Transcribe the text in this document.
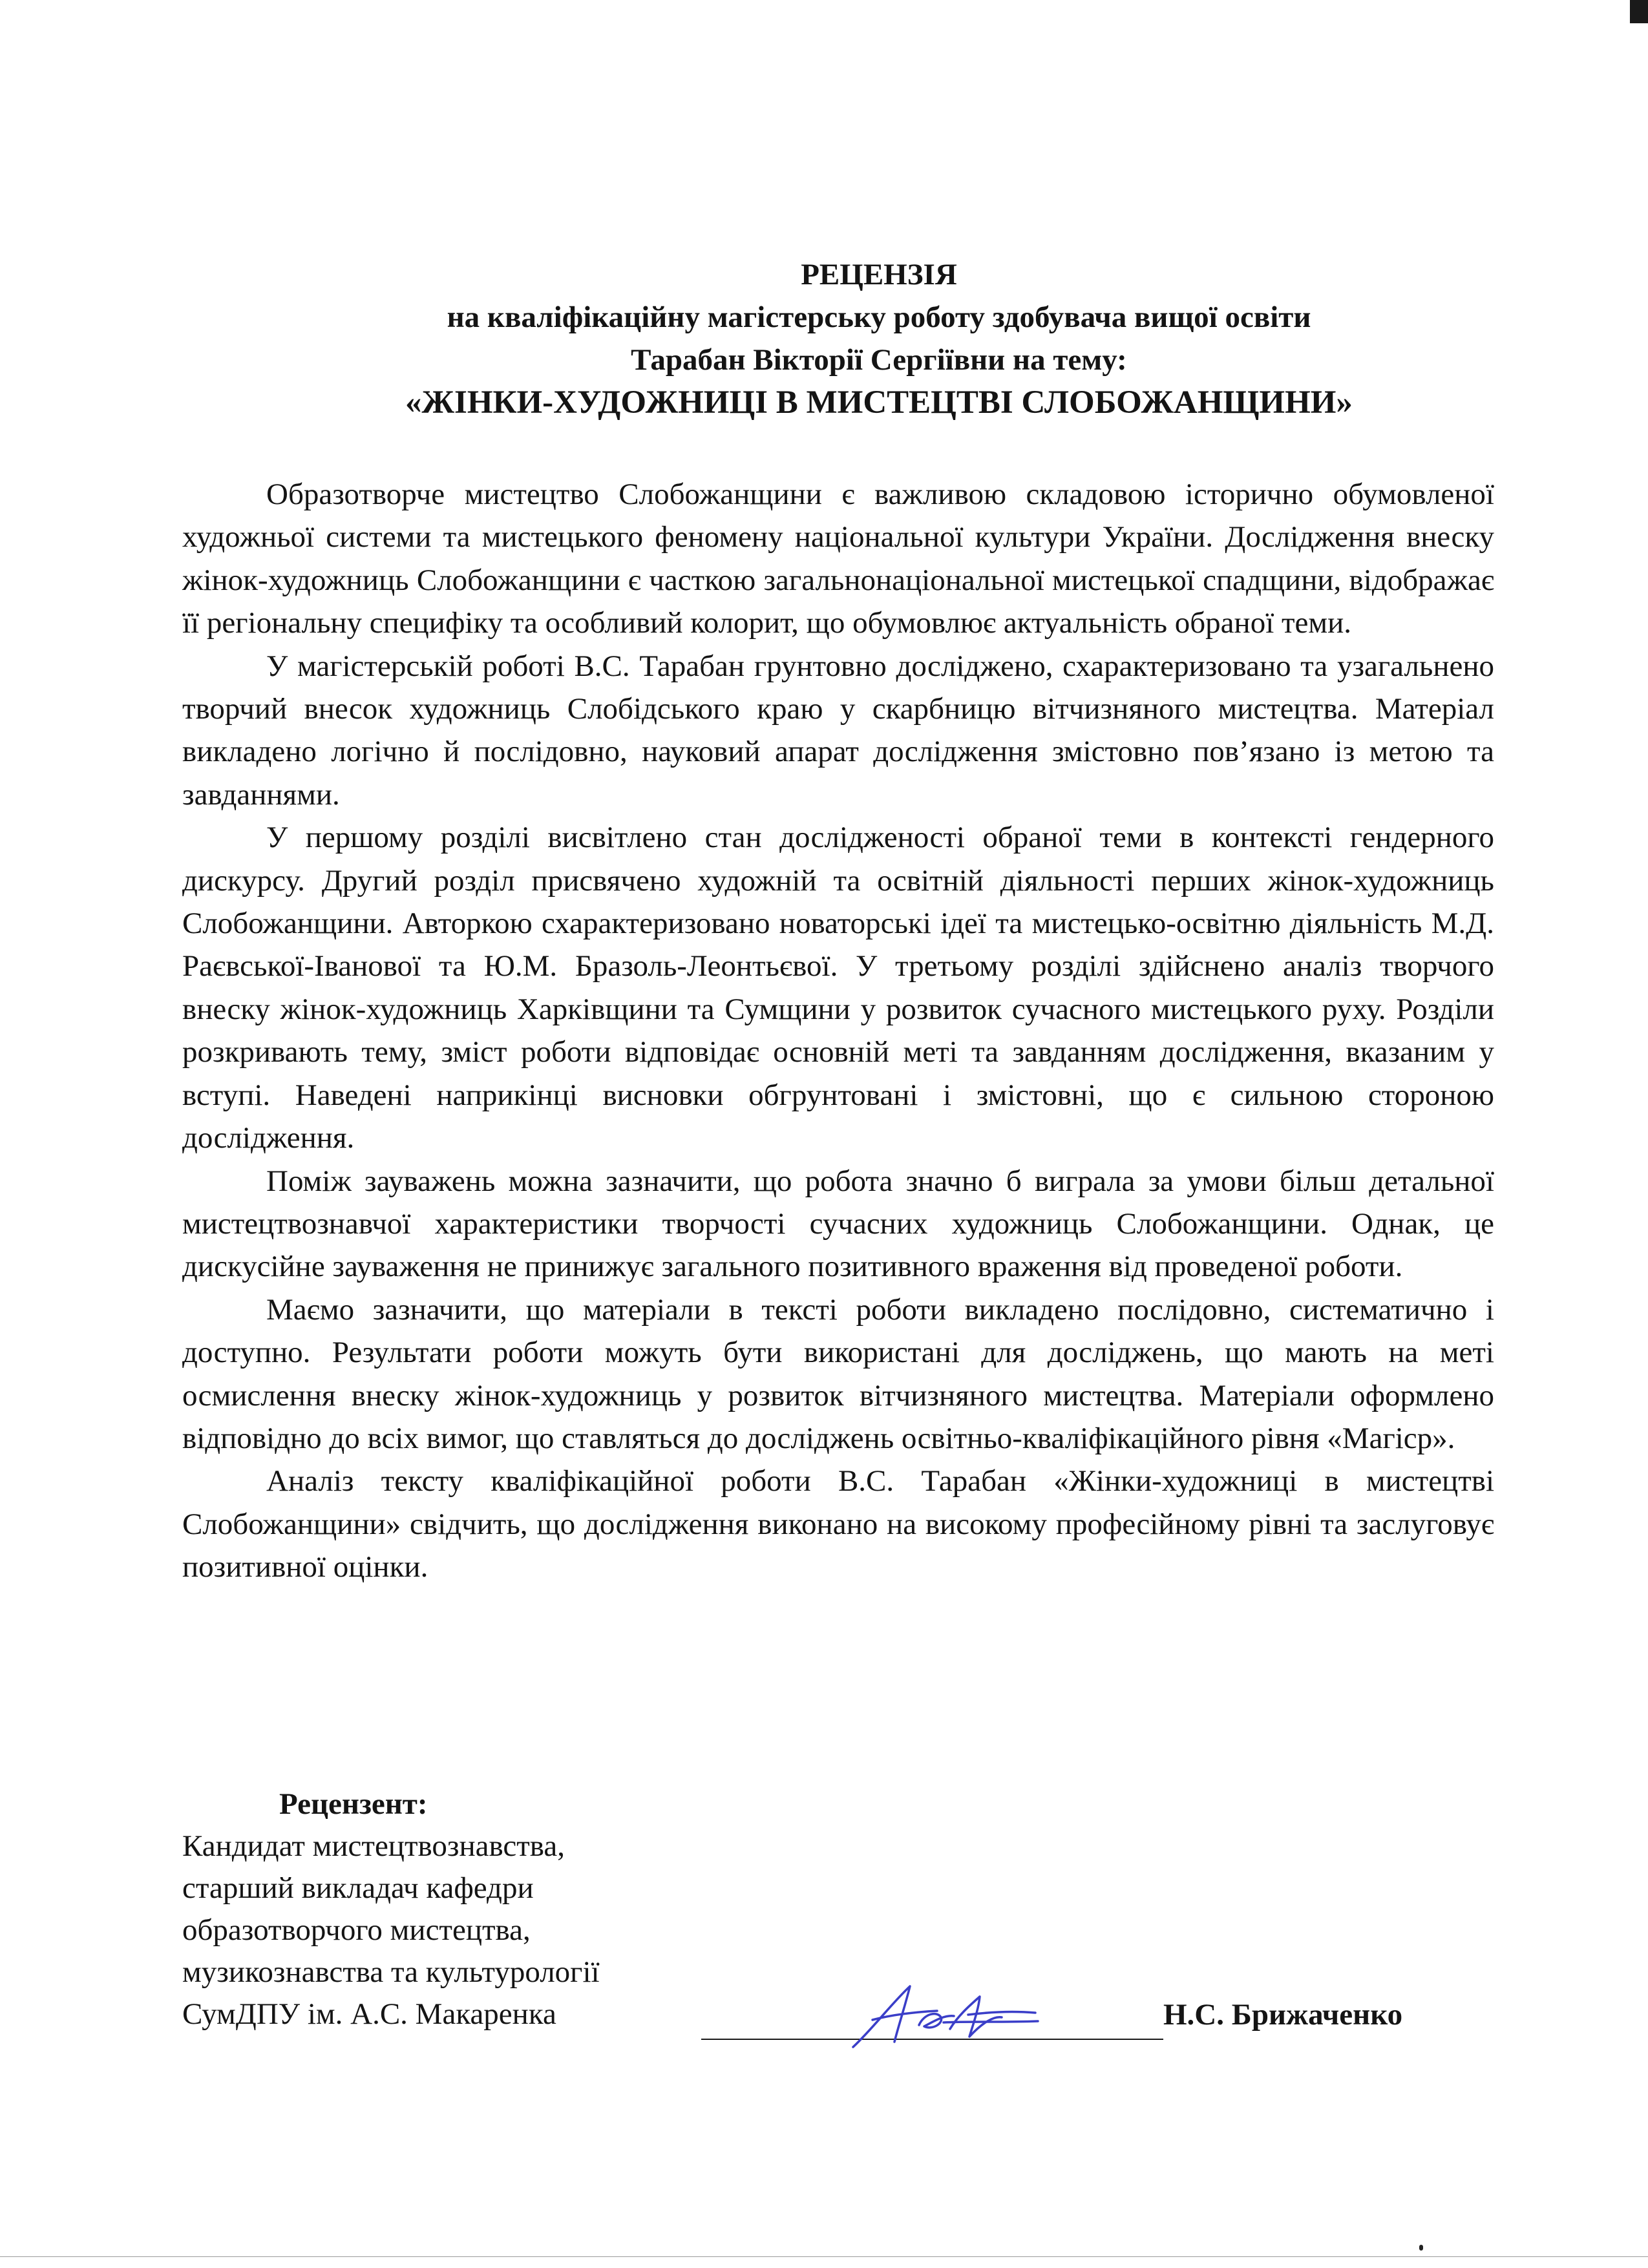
РЕЦЕНЗІЯ
на кваліфікаційну магістерську роботу здобувача вищої освіти
Тарабан Вікторії Сергіївни на тему:
«ЖІНКИ-ХУДОЖНИЦІ В МИСТЕЦТВІ СЛОБОЖАНЩИНИ»

Образотворче мистецтво Слобожанщини є важливою складовою історично обумовленої художньої системи та мистецького феномену національної культури України. Дослідження внеску жінок-художниць Слобожанщини є часткою загальнонаціональної мистецької спадщини, відображає її регіональну специфіку та особливий колорит, що обумовлює актуальність обраної теми.

У магістерській роботі В.С. Тарабан грунтовно досліджено, схарактеризовано та узагальнено творчий внесок художниць Слобідського краю у скарбницю вітчизняного мистецтва. Матеріал викладено логічно й послідовно, науковий апарат дослідження змістовно пов’язано із метою та завданнями.

У першому розділі висвітлено стан дослідженості обраної теми в контексті гендерного дискурсу. Другий розділ присвячено художній та освітній діяльності перших жінок-художниць Слобожанщини. Авторкою схарактеризовано новаторські ідеї та мистецько-освітню діяльність М.Д. Раєвської-Іванової та Ю.М. Бразоль-Леонтьєвої. У третьому розділі здійснено аналіз творчого внеску жінок-художниць Харківщини та Сумщини у розвиток сучасного мистецького руху. Розділи розкривають тему, зміст роботи відповідає основній меті та завданням дослідження, вказаним у вступі. Наведені наприкінці висновки обгрунтовані і змістовні, що є сильною стороною дослідження.

Поміж зауважень можна зазначити, що робота значно б виграла за умови більш детальної мистецтвознавчої характеристики творчості сучасних художниць Слобожанщини. Однак, це дискусійне зауваження не принижує загального позитивного враження від проведеної роботи.

Маємо зазначити, що матеріали в тексті роботи викладено послідовно, систематично і доступно. Результати роботи можуть бути використані для досліджень, що мають на меті осмислення внеску жінок-художниць у розвиток вітчизняного мистецтва. Матеріали оформлено відповідно до всіх вимог, що ставляться до досліджень освітньо-кваліфікаційного рівня «Магіср».

Аналіз тексту кваліфікаційної роботи В.С. Тарабан «Жінки-художниці в мистецтві Слобожанщини» свідчить, що дослідження виконано на високому професійному рівні та заслуговує позитивної оцінки.

Рецензент:
Кандидат мистецтвознавства,
старший викладач кафедри
образотворчого мистецтва,
музикознавства та культурології
СумДПУ ім. А.С. Макаренка	Н.С. Брижаченко
